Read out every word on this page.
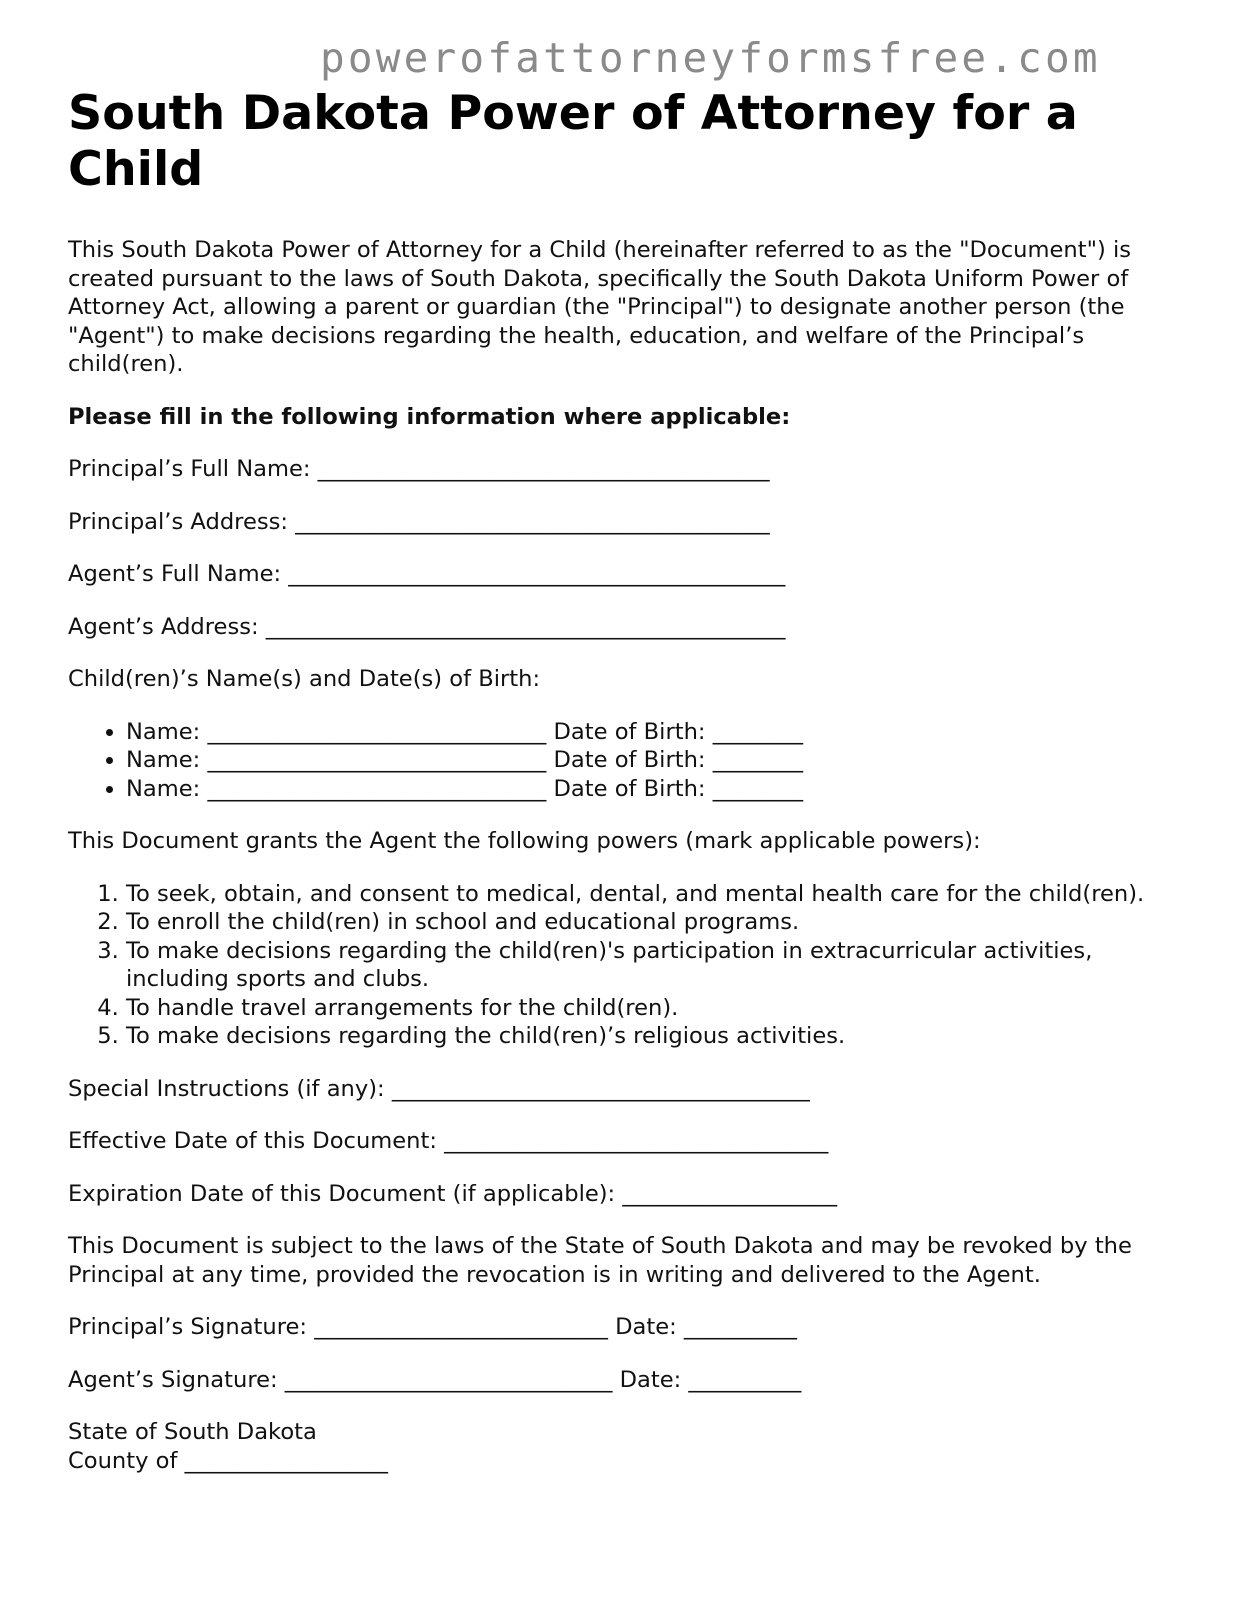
powerofattorneyformsfree.com
South Dakota Power of Attorney for a Child

This South Dakota Power of Attorney for a Child (hereinafter referred to as the "Document") is created pursuant to the laws of South Dakota, specifically the South Dakota Uniform Power of Attorney Act, allowing a parent or guardian (the "Principal") to designate another person (the "Agent") to make decisions regarding the health, education, and welfare of the Principal’s child(ren).

Please fill in the following information where applicable:

Principal’s Full Name: ________________________________________

Principal’s Address: __________________________________________

Agent’s Full Name: ____________________________________________

Agent’s Address: ______________________________________________

Child(ren)’s Name(s) and Date(s) of Birth:

• Name: ______________________________ Date of Birth: ________
• Name: ______________________________ Date of Birth: ________
• Name: ______________________________ Date of Birth: ________

This Document grants the Agent the following powers (mark applicable powers):

1. To seek, obtain, and consent to medical, dental, and mental health care for the child(ren).
2. To enroll the child(ren) in school and educational programs.
3. To make decisions regarding the child(ren)'s participation in extracurricular activities, including sports and clubs.
4. To handle travel arrangements for the child(ren).
5. To make decisions regarding the child(ren)’s religious activities.

Special Instructions (if any): _____________________________________

Effective Date of this Document: __________________________________

Expiration Date of this Document (if applicable): ___________________

This Document is subject to the laws of the State of South Dakota and may be revoked by the Principal at any time, provided the revocation is in writing and delivered to the Agent.

Principal’s Signature: __________________________ Date: __________

Agent’s Signature: _____________________________ Date: __________

State of South Dakota

County of __________________
